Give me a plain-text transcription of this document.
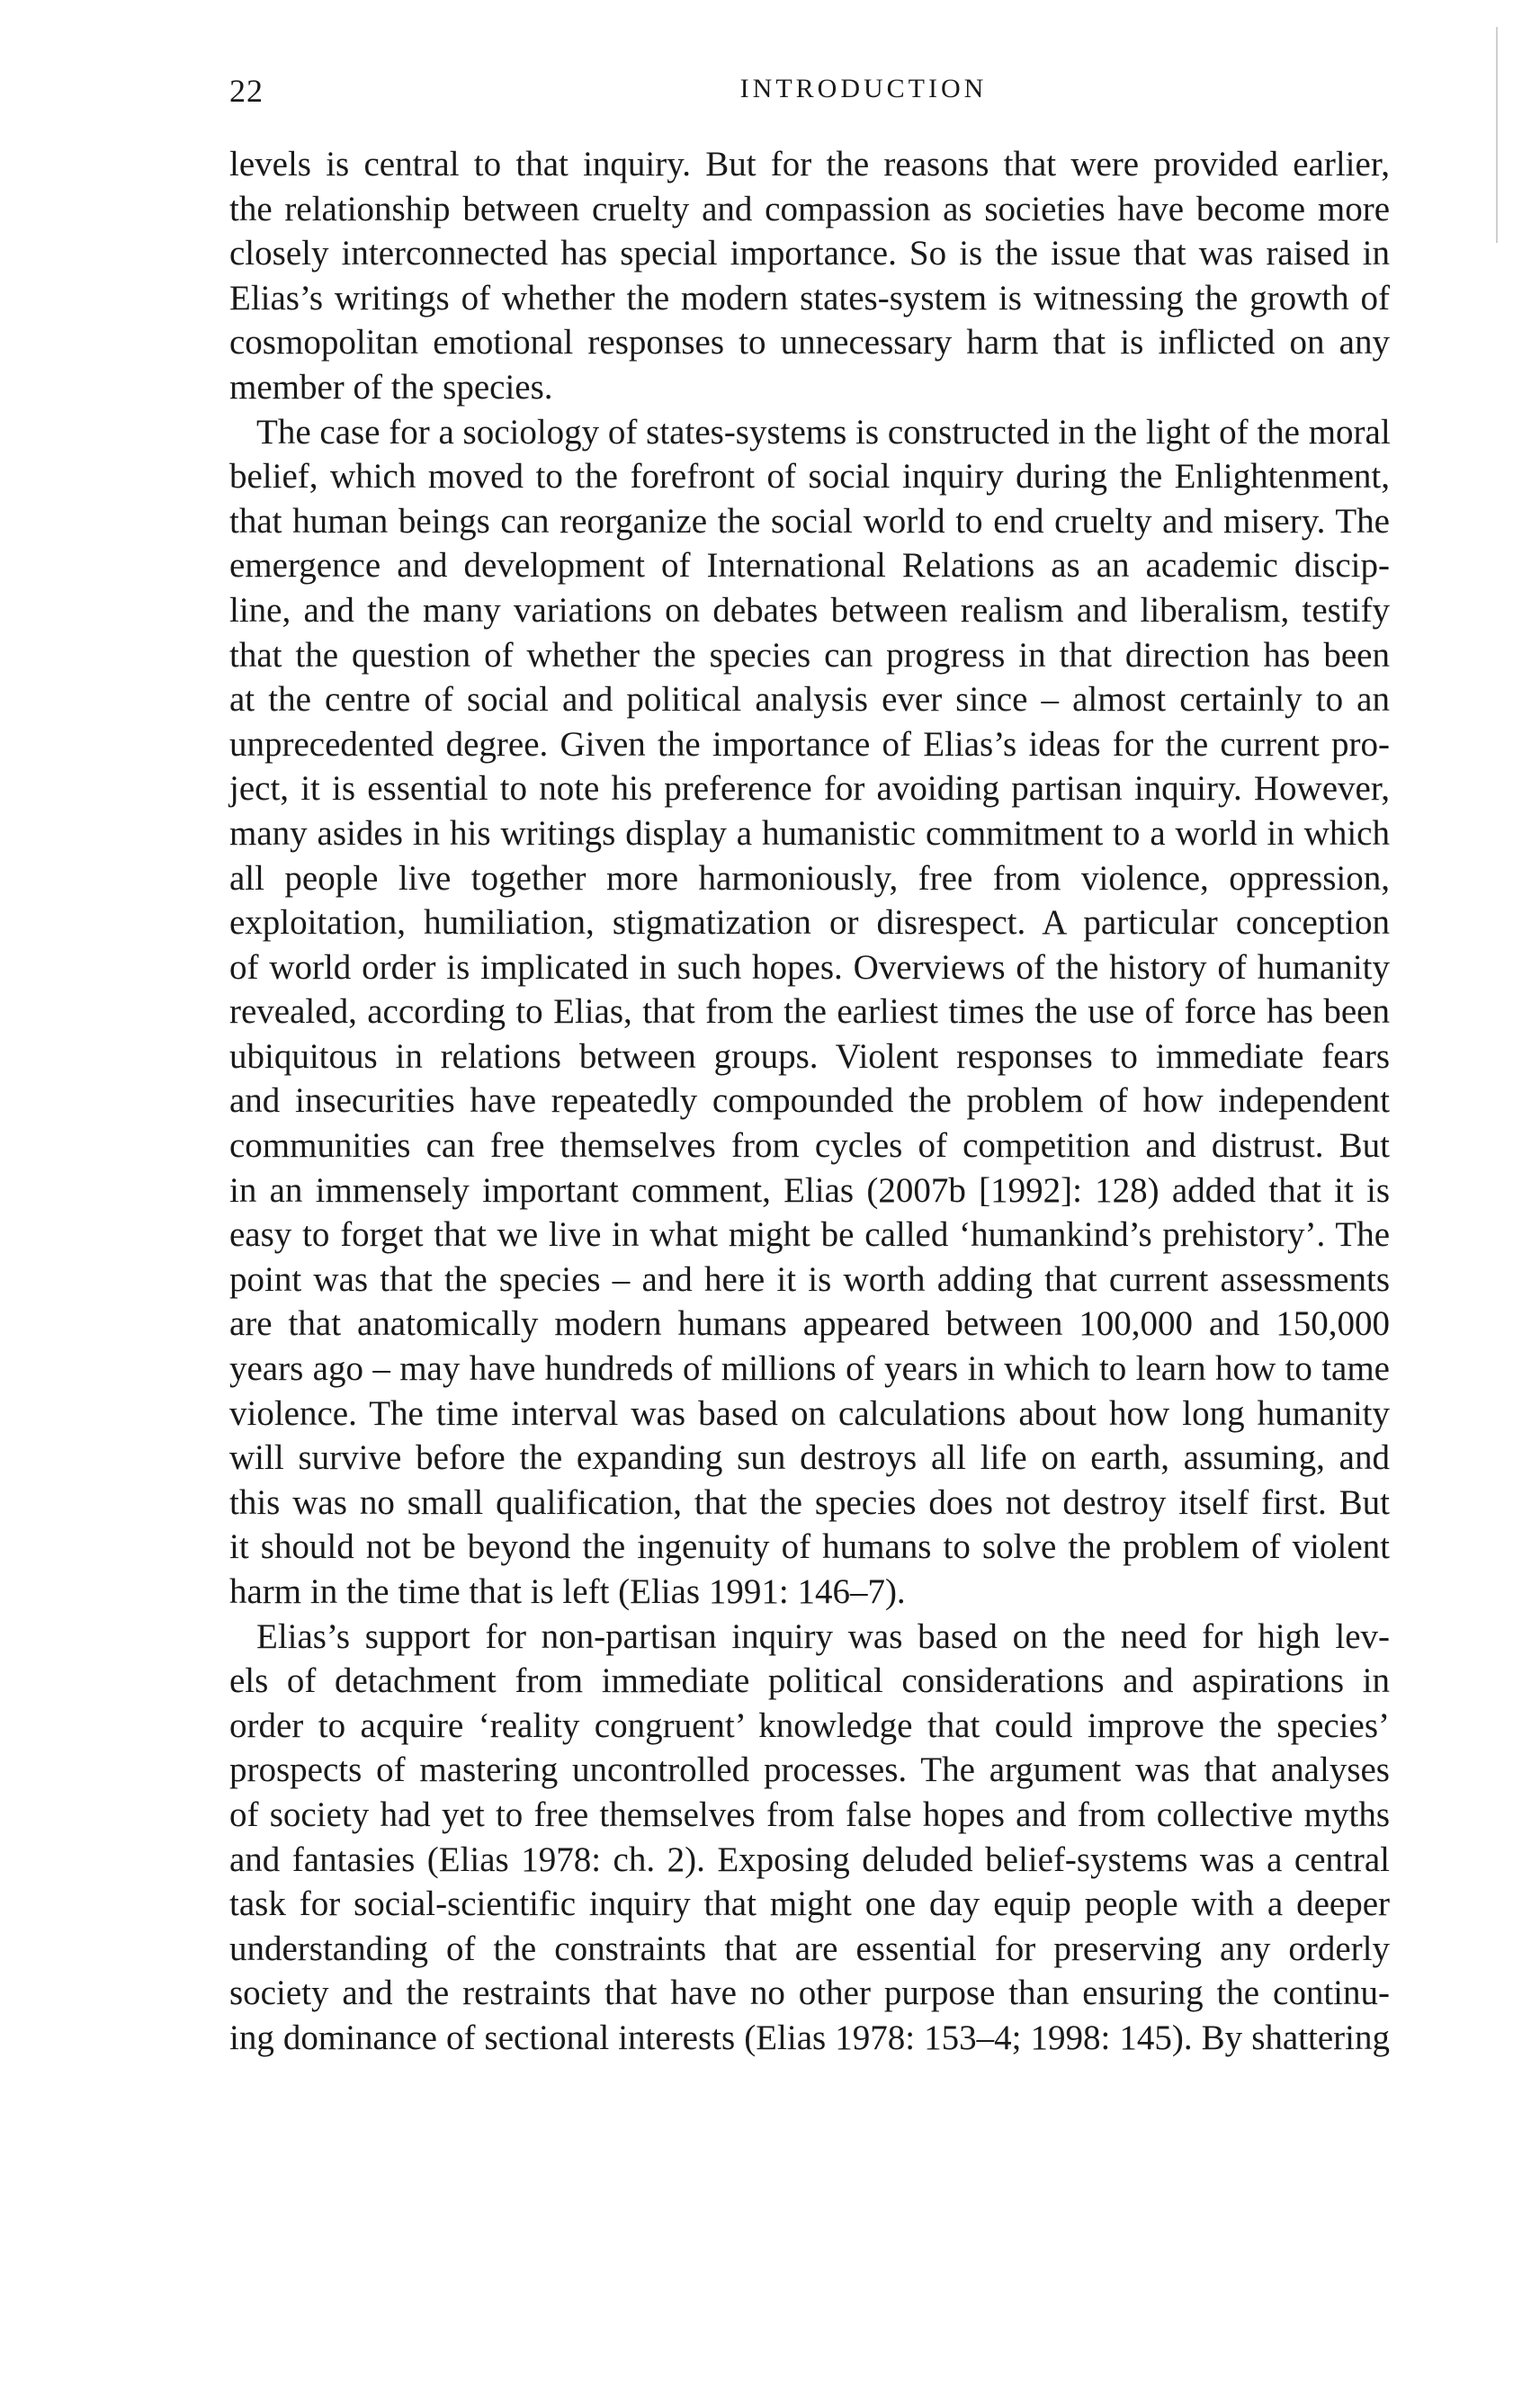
22	INTRODUCTION
levels is central to that inquiry. But for the reasons that were provided earlier,
the relationship between cruelty and compassion as societies have become more
closely interconnected has special importance. So is the issue that was raised in
Elias’s writings of whether the modern states-system is witnessing the growth of
cosmopolitan emotional responses to unnecessary harm that is inflicted on any
member of the species.
The case for a sociology of states-systems is constructed in the light of the moral
belief, which moved to the forefront of social inquiry during the Enlightenment,
that human beings can reorganize the social world to end cruelty and misery. The
emergence and development of International Relations as an academic discip-
line, and the many variations on debates between realism and liberalism, testify
that the question of whether the species can progress in that direction has been
at the centre of social and political analysis ever since – almost certainly to an
unprecedented degree. Given the importance of Elias’s ideas for the current pro-
ject, it is essential to note his preference for avoiding partisan inquiry. However,
many asides in his writings display a humanistic commitment to a world in which
all people live together more harmoniously, free from violence, oppression,
exploitation, humiliation, stigmatization or disrespect. A particular conception
of world order is implicated in such hopes. Overviews of the history of humanity
revealed, according to Elias, that from the earliest times the use of force has been
ubiquitous in relations between groups. Violent responses to immediate fears
and insecurities have repeatedly compounded the problem of how independent
communities can free themselves from cycles of competition and distrust. But
in an immensely important comment, Elias (2007b [1992]: 128) added that it is
easy to forget that we live in what might be called ‘humankind’s prehistory’. The
point was that the species – and here it is worth adding that current assessments
are that anatomically modern humans appeared between 100,000 and 150,000
years ago – may have hundreds of millions of years in which to learn how to tame
violence. The time interval was based on calculations about how long humanity
will survive before the expanding sun destroys all life on earth, assuming, and
this was no small qualification, that the species does not destroy itself first. But
it should not be beyond the ingenuity of humans to solve the problem of violent
harm in the time that is left (Elias 1991: 146–7).
Elias’s support for non-partisan inquiry was based on the need for high lev-
els of detachment from immediate political considerations and aspirations in
order to acquire ‘reality congruent’ knowledge that could improve the species’
prospects of mastering uncontrolled processes. The argument was that analyses
of society had yet to free themselves from false hopes and from collective myths
and fantasies (Elias 1978: ch. 2). Exposing deluded belief-systems was a central
task for social-scientific inquiry that might one day equip people with a deeper
understanding of the constraints that are essential for preserving any orderly
society and the restraints that have no other purpose than ensuring the continu-
ing dominance of sectional interests (Elias 1978: 153–4; 1998: 145). By shattering
